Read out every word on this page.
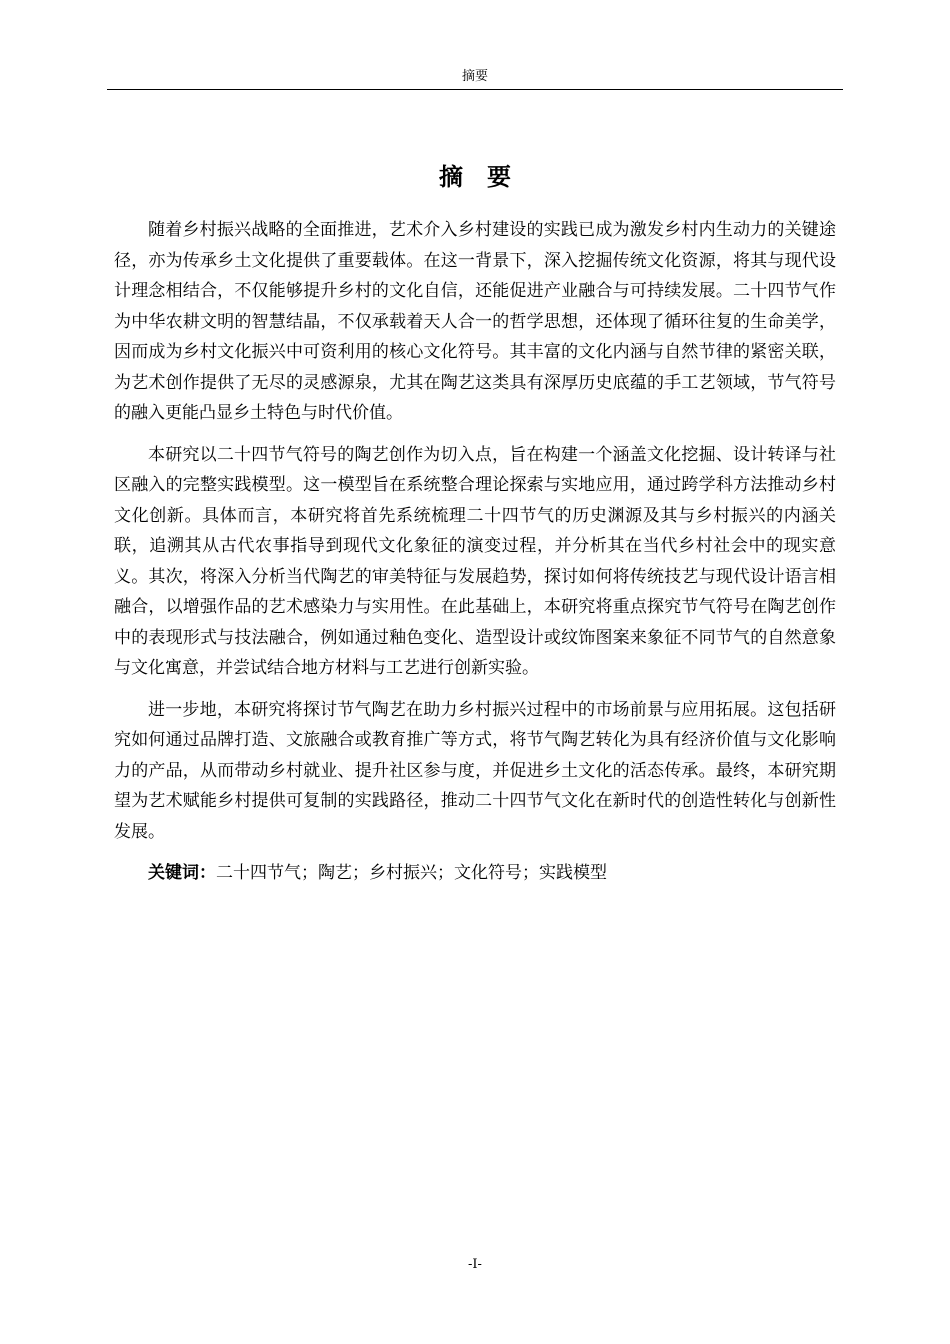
摘要
摘要

随着乡村振兴战略的全面推进，艺术介入乡村建设的实践已成为激发乡村内生动力的关键途径，亦为传承乡土文化提供了重要载体。在这一背景下，深入挖掘传统文化资源，将其与现代设计理念相结合，不仅能够提升乡村的文化自信，还能促进产业融合与可持续发展。二十四节气作为中华农耕文明的智慧结晶，不仅承载着天人合一的哲学思想，还体现了循环往复的生命美学，因而成为乡村文化振兴中可资利用的核心文化符号。其丰富的文化内涵与自然节律的紧密关联，为艺术创作提供了无尽的灵感源泉，尤其在陶艺这类具有深厚历史底蕴的手工艺领域，节气符号的融入更能凸显乡土特色与时代价值。

本研究以二十四节气符号的陶艺创作为切入点，旨在构建一个涵盖文化挖掘、设计转译与社区融入的完整实践模型。这一模型旨在系统整合理论探索与实地应用，通过跨学科方法推动乡村文化创新。具体而言，本研究将首先系统梳理二十四节气的历史渊源及其与乡村振兴的内涵关联，追溯其从古代农事指导到现代文化象征的演变过程，并分析其在当代乡村社会中的现实意义。其次，将深入分析当代陶艺的审美特征与发展趋势，探讨如何将传统技艺与现代设计语言相融合，以增强作品的艺术感染力与实用性。在此基础上，本研究将重点探究节气符号在陶艺创作中的表现形式与技法融合，例如通过釉色变化、造型设计或纹饰图案来象征不同节气的自然意象与文化寓意，并尝试结合地方材料与工艺进行创新实验。

进一步地，本研究将探讨节气陶艺在助力乡村振兴过程中的市场前景与应用拓展。这包括研究如何通过品牌打造、文旅融合或教育推广等方式，将节气陶艺转化为具有经济价值与文化影响力的产品，从而带动乡村就业、提升社区参与度，并促进乡土文化的活态传承。最终，本研究期望为艺术赋能乡村提供可复制的实践路径，推动二十四节气文化在新时代的创造性转化与创新性发展。

关键词：二十四节气；陶艺；乡村振兴；文化符号；实践模型

-I-
